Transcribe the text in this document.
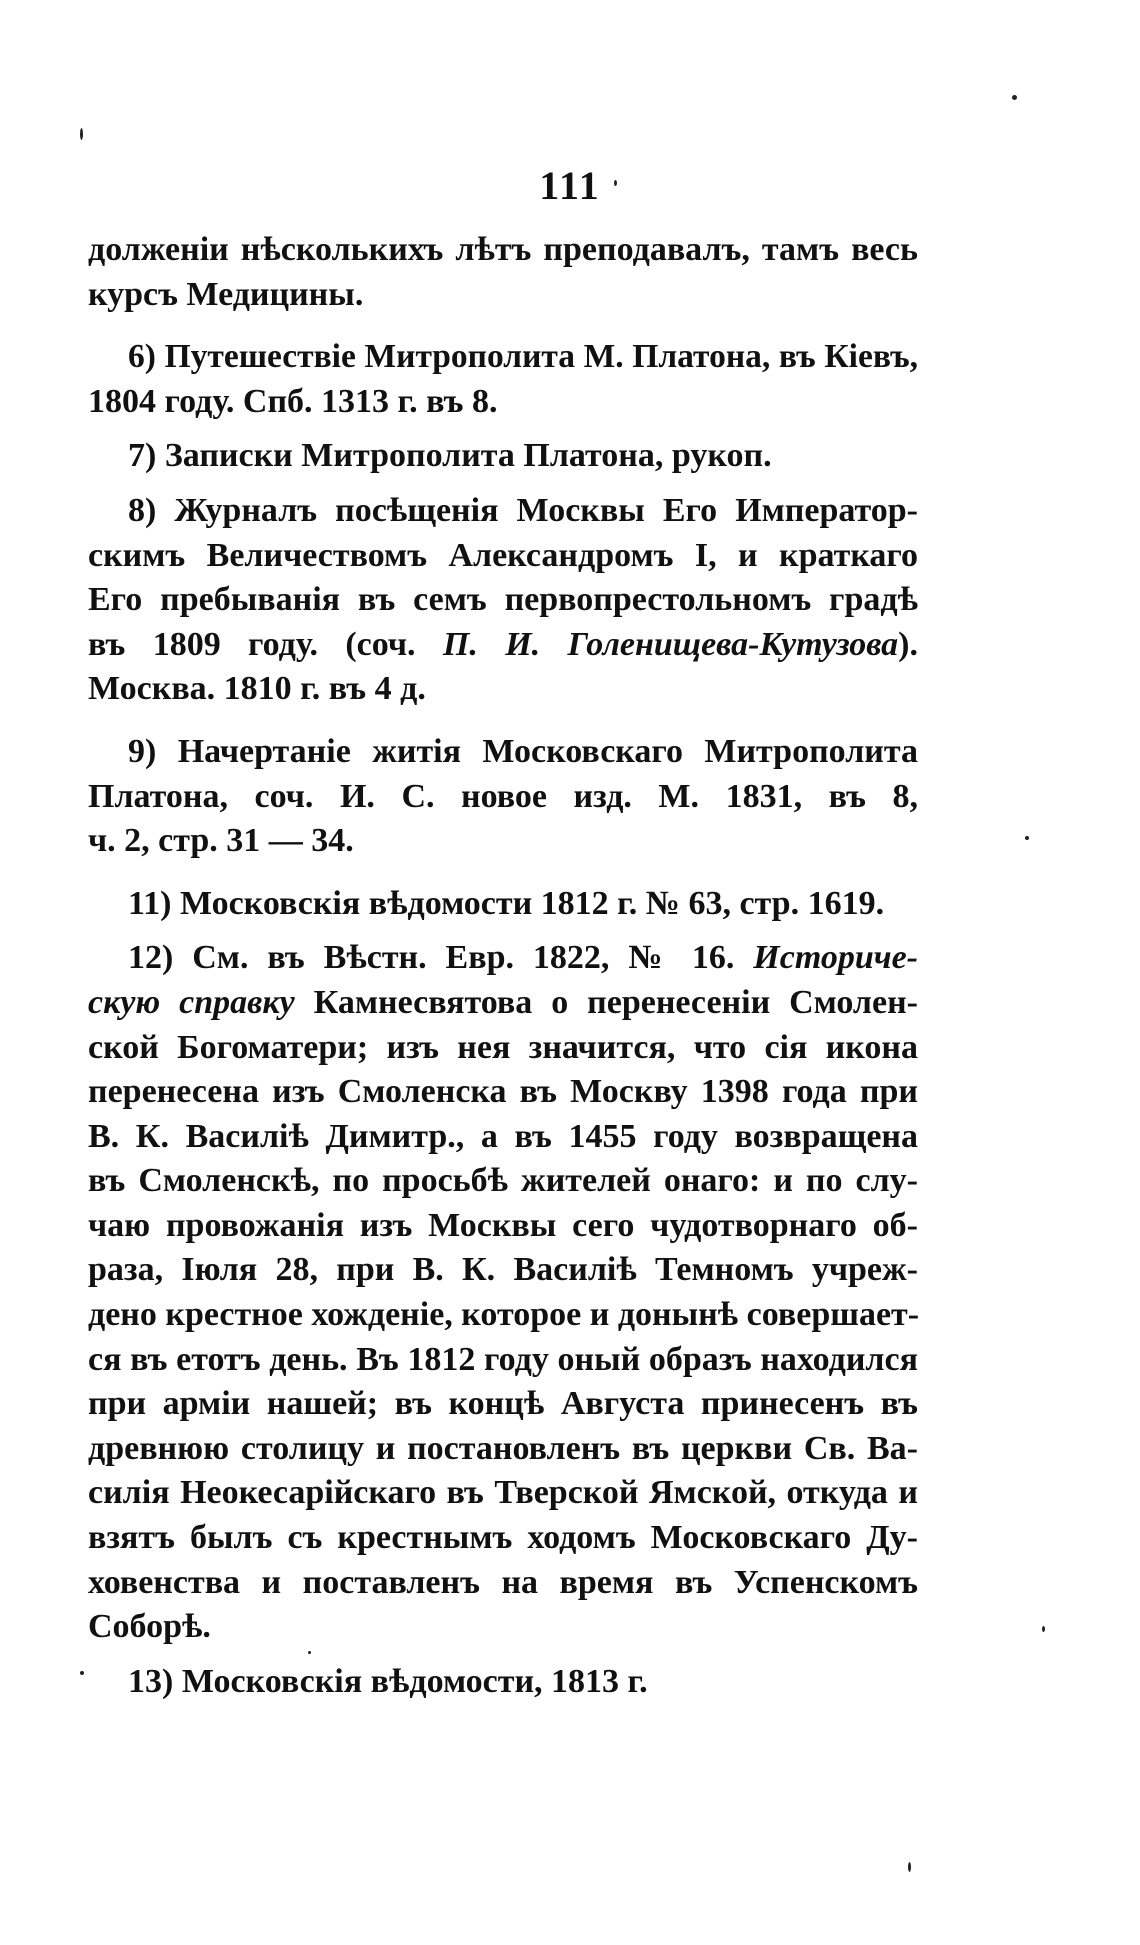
111
долженіи нѣсколькихъ лѣтъ преподавалъ, тамъ весь
курсъ Медицины.
6) Путешествіе Митрополита М. Платона, въ Кіевъ,
1804 году. Спб. 1313 г. въ 8.
7) Записки Митрополита Платона, рукоп.
8) Журналъ посѣщенія Москвы Его Император-
скимъ Величествомъ Александромъ I, и краткаго
Его пребыванія въ семъ первопрестольномъ градѣ
въ 1809 году. (соч. П. И. Голенищева-Кутузова).
Москва. 1810 г. въ 4 д.
9) Начертаніе житія Московскаго Митрополита
Платона, соч. И. С. новое изд. М. 1831, въ 8,
ч. 2, стр. 31 — 34.
11) Московскія вѣдомости 1812 г. № 63, стр. 1619.
12) См. въ Вѣстн. Евр. 1822, № 16. Историче-
скую справку Камнесвятова о перенесеніи Смолен-
ской Богоматери; изъ нея значится, что сія икона
перенесена изъ Смоленска въ Москву 1398 года при
В. К. Василіѣ Димитр., а въ 1455 году возвращена
въ Смоленскѣ, по просьбѣ жителей онаго: и по слу-
чаю провожанія изъ Москвы сего чудотворнаго об-
раза, Іюля 28, при В. К. Василіѣ Темномъ учреж-
дено крестное хожденіе, которое и донынѣ совершает-
ся въ етотъ день. Въ 1812 году оный образъ находился
при арміи нашей; въ концѣ Августа принесенъ въ
древнюю столицу и постановленъ въ церкви Св. Ва-
силія Неокесарійскаго въ Тверской Ямской, откуда и
взятъ былъ съ крестнымъ ходомъ Московскаго Ду-
ховенства и поставленъ на время въ Успенскомъ
Соборѣ.
13) Московскія вѣдомости, 1813 г.
